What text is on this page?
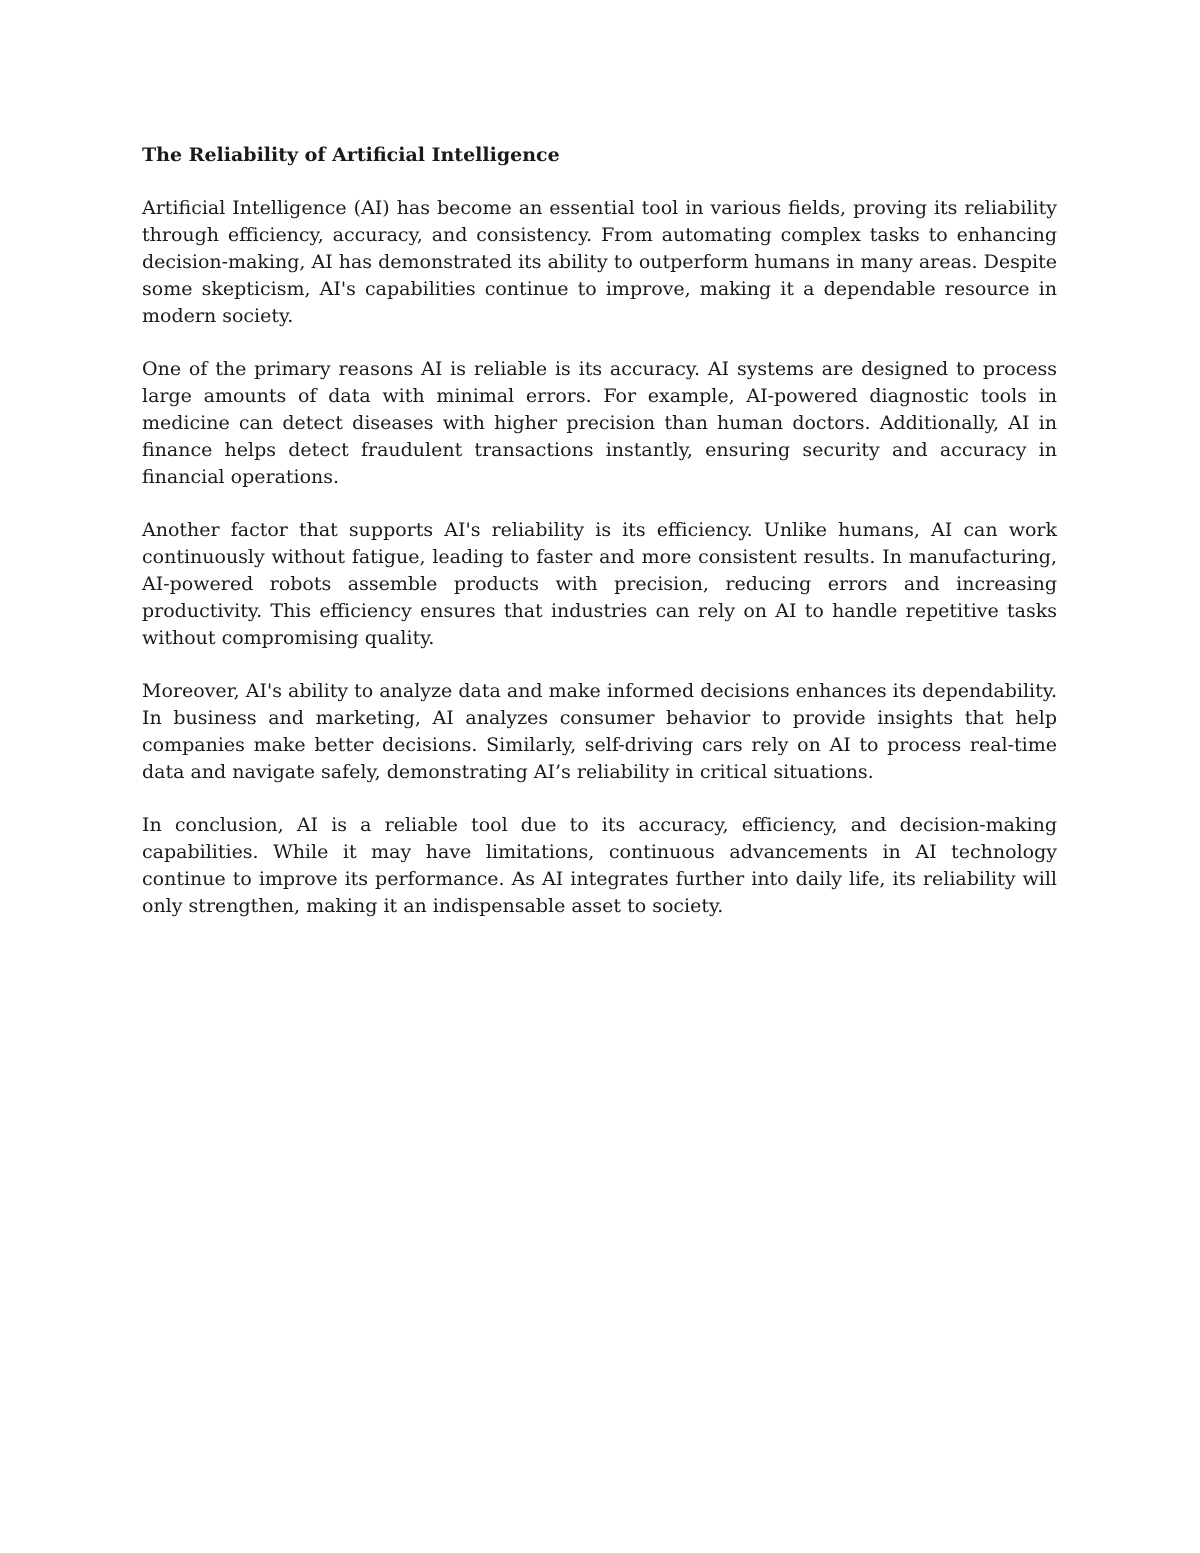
The Reliability of Artificial Intelligence

Artificial Intelligence (AI) has become an essential tool in various fields, proving its reliability through efficiency, accuracy, and consistency. From automating complex tasks to enhancing decision-making, AI has demonstrated its ability to outperform humans in many areas. Despite some skepticism, AI's capabilities continue to improve, making it a dependable resource in modern society.

One of the primary reasons AI is reliable is its accuracy. AI systems are designed to process large amounts of data with minimal errors. For example, AI-powered diagnostic tools in medicine can detect diseases with higher precision than human doctors. Additionally, AI in finance helps detect fraudulent transactions instantly, ensuring security and accuracy in financial operations.

Another factor that supports AI's reliability is its efficiency. Unlike humans, AI can work continuously without fatigue, leading to faster and more consistent results. In manufacturing, AI-powered robots assemble products with precision, reducing errors and increasing productivity. This efficiency ensures that industries can rely on AI to handle repetitive tasks without compromising quality.

Moreover, AI's ability to analyze data and make informed decisions enhances its dependability. In business and marketing, AI analyzes consumer behavior to provide insights that help companies make better decisions. Similarly, self-driving cars rely on AI to process real-time data and navigate safely, demonstrating AI’s reliability in critical situations.

In conclusion, AI is a reliable tool due to its accuracy, efficiency, and decision-making capabilities. While it may have limitations, continuous advancements in AI technology continue to improve its performance. As AI integrates further into daily life, its reliability will only strengthen, making it an indispensable asset to society.
